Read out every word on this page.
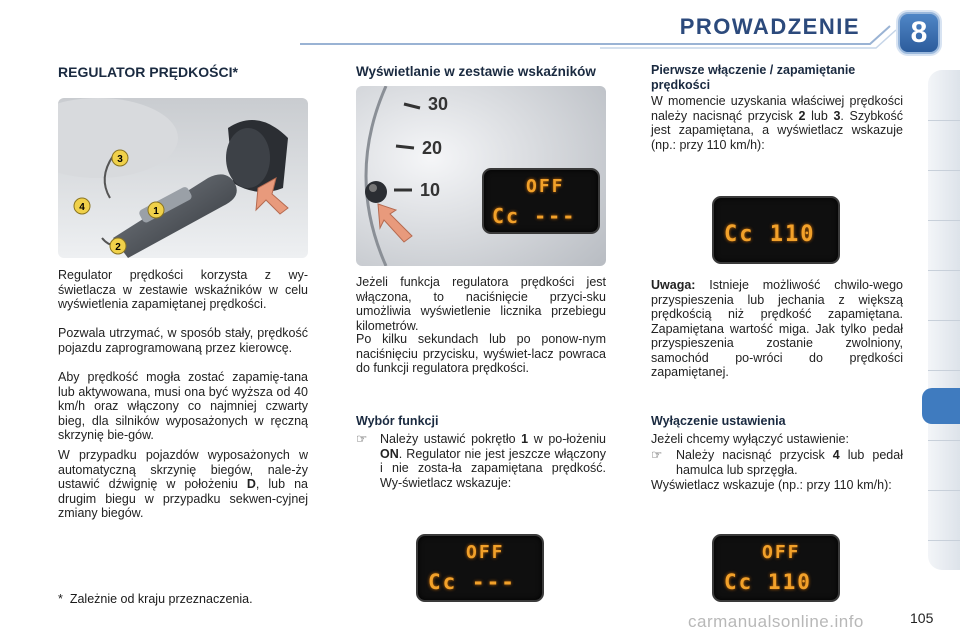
PROWADZENIE	8
REGULATOR PRĘDKOŚCI*
3
4	1
2
Regulator prędkości korzysta z wy-świetlacza w zestawie wskaźników w celu wyświetlenia zapamiętanej prędkości.
Pozwala utrzymać, w sposób stały, prędkość pojazdu zaprogramowaną przez kierowcę.
Aby prędkość mogła zostać zapamię-tana lub aktywowana, musi ona być wyższa od 40 km/h oraz włączony co najmniej czwarty bieg, dla silników wyposażonych w ręczną skrzynię bie-gów.
W przypadku pojazdów wyposażonych w automatyczną skrzynię biegów, nale-ży ustawić dźwignię w położeniu D, lub na drugim biegu w przypadku sekwen-cyjnej zmiany biegów.
* Zależnie od kraju przeznaczenia.
Wyświetlanie w zestawie wskaźników
30
20
10	OFF
Cc ---
Jeżeli funkcja regulatora prędkości jest włączona, to naciśnięcie przyci-sku umożliwia wyświetlenie licznika przebiegu kilometrów.
Po kilku sekundach lub po ponow-nym naciśnięciu przycisku, wyświet-lacz powraca do funkcji regulatora prędkości.
Wybór funkcji
☞	Należy ustawić pokrętło 1 w po-łożeniu ON. Regulator nie jest jeszcze włączony i nie zosta-ła zapamiętana prędkość. Wy-świetlacz wskazuje:
OFF
Cc ---
Pierwsze włączenie / zapamiętanie prędkości
W momencie uzyskania właściwej prędkości należy nacisnąć przycisk 2 lub 3. Szybkość jest zapamiętana, a wyświetlacz wskazuje (np.: przy 110 km/h):
Cc 110
Uwaga: Istnieje możliwość chwilo-wego przyspieszenia lub jechania z większą prędkością niż prędkość zapamiętana. Zapamiętana wartość miga. Jak tylko pedał przyspieszenia zostanie zwolniony, samochód po-wróci do prędkości zapamiętanej.
Wyłączenie ustawienia
Jeżeli chcemy wyłączyć ustawienie:
☞	Należy nacisnąć przycisk 4 lub pedał hamulca lub sprzęgła.
Wyświetlacz wskazuje (np.: przy 110 km/h):
OFF
Cc 110
carmanualsonline.info	105
